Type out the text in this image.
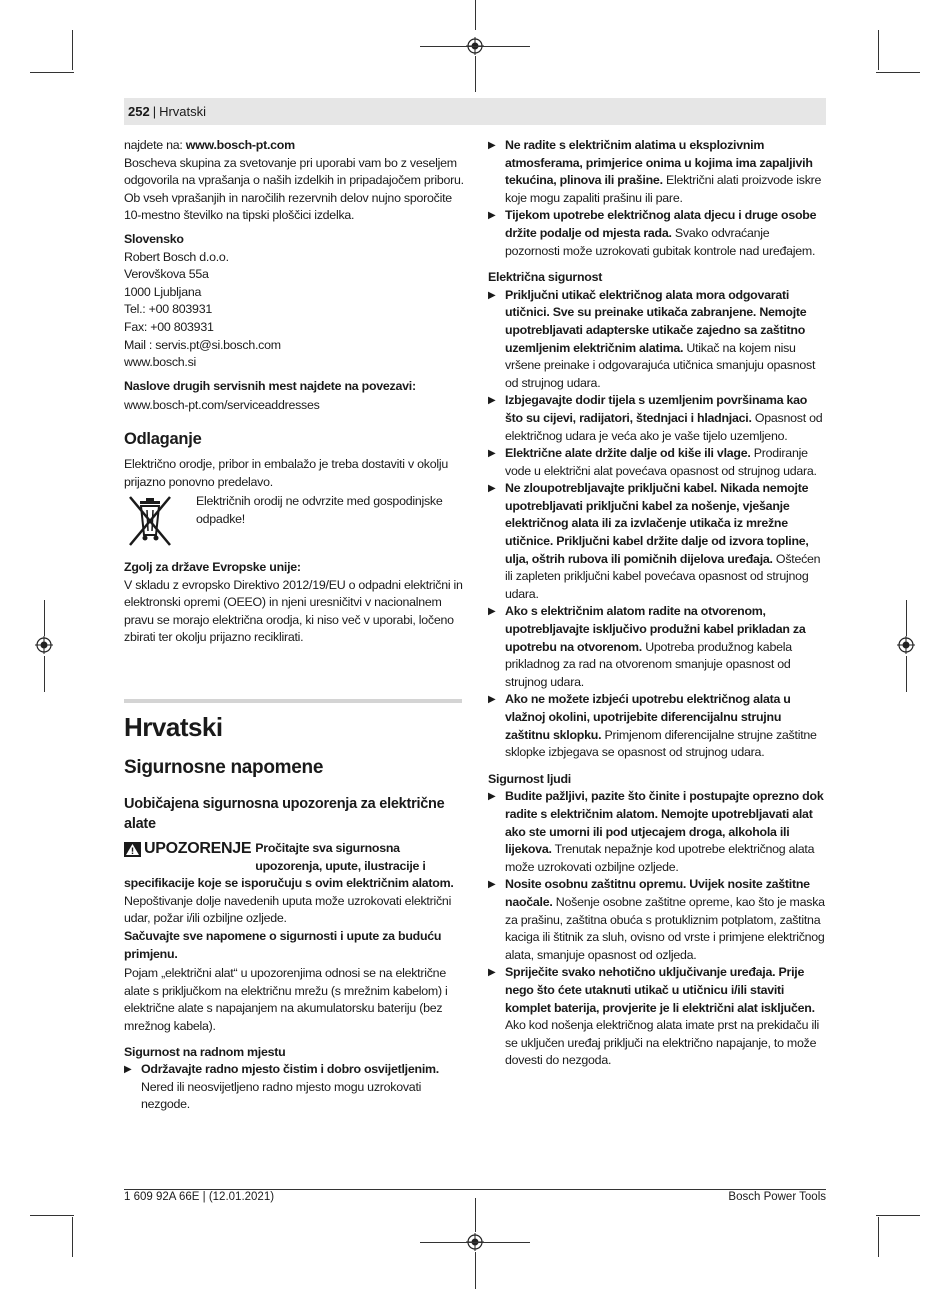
252 | Hrvatski

najdete na: www.bosch-pt.com

Boscheva skupina za svetovanje pri uporabi vam bo z veseljem odgovorila na vprašanja o naših izdelkih in pripadajočem priboru.

Ob vseh vprašanjih in naročilih rezervnih delov nujno sporočite 10-mestno številko na tipski ploščici izdelka.

Slovensko

Robert Bosch d.o.o.
Verovškova 55a
1000 Ljubljana
Tel.: +00 803931
Fax: +00 803931
Mail : servis.pt@si.bosch.com
www.bosch.si

Naslove drugih servisnih mest najdete na povezavi:

www.bosch-pt.com/serviceaddresses

Odlaganje

Električno orodje, pribor in embalažo je treba dostaviti v okolju prijazno ponovno predelavo.

Električnih orodij ne odvrzite med gospodinjske odpadke!

Zgolj za države Evropske unije:

V skladu z evropsko Direktivo 2012/19/EU o odpadni električni in elektronski opremi (OEEO) in njeni uresničitvi v nacionalnem pravu se morajo električna orodja, ki niso več v uporabi, ločeno zbirati ter okolju prijazno reciklirati.

Hrvatski
Sigurnosne napomene
Uobičajena sigurnosna upozorenja za električne alate
UPOZORENJE Pročitajte sva sigurnosna upozorenja, upute, ilustracije i specifikacije koje se isporučuju s ovim električnim alatom. Nepoštivanje dolje navedenih uputa može uzrokovati električni udar, požar i/ili ozbiljne ozljede.

Sačuvajte sve napomene o sigurnosti i upute za buduću primjenu.

Pojam „električni alat“ u upozorenjima odnosi se na električne alate s priključkom na električnu mrežu (s mrežnim kabelom) i električne alate s napajanjem na akumulatorsku bateriju (bez mrežnog kabela).

Sigurnost na radnom mjestu

▶ Održavajte radno mjesto čistim i dobro osvijetljenim. Nered ili neosvijetljeno radno mjesto mogu uzrokovati nezgode.
▶ Ne radite s električnim alatima u eksplozivnim atmosferama, primjerice onima u kojima ima zapaljivih tekućina, plinova ili prašine. Električni alati proizvode iskre koje mogu zapaliti prašinu ili pare.
▶ Tijekom upotrebe električnog alata djecu i druge osobe držite podalje od mjesta rada. Svako odvraćanje pozornosti može uzrokovati gubitak kontrole nad uređajem.

Električna sigurnost

▶ Priključni utikač električnog alata mora odgovarati utičnici. Sve su preinake utikača zabranjene. Nemojte upotrebljavati adapterske utikače zajedno sa zaštitno uzemljenim električnim alatima. Utikač na kojem nisu vršene preinake i odgovarajuća utičnica smanjuju opasnost od strujnog udara.
▶ Izbjegavajte dodir tijela s uzemljenim površinama kao što su cijevi, radijatori, štednjaci i hladnjaci. Opasnost od električnog udara je veća ako je vaše tijelo uzemljeno.
▶ Električne alate držite dalje od kiše ili vlage. Prodiranje vode u električni alat povećava opasnost od strujnog udara.
▶ Ne zloupotrebljavajte priključni kabel. Nikada nemojte upotrebljavati priključni kabel za nošenje, vješanje električnog alata ili za izvlačenje utikača iz mrežne utičnice. Priključni kabel držite dalje od izvora topline, ulja, oštrih rubova ili pomičnih dijelova uređaja. Oštećen ili zapleten priključni kabel povećava opasnost od strujnog udara.
▶ Ako s električnim alatom radite na otvorenom, upotrebljavajte isključivo produžni kabel prikladan za upotrebu na otvorenom. Upotreba produžnog kabela prikladnog za rad na otvorenom smanjuje opasnost od strujnog udara.
▶ Ako ne možete izbjeći upotrebu električnog alata u vlažnoj okolini, upotrijebite diferencijalnu strujnu zaštitnu sklopku. Primjenom diferencijalne strujne zaštitne sklopke izbjegava se opasnost od strujnog udara.

Sigurnost ljudi

▶ Budite pažljivi, pazite što činite i postupajte oprezno dok radite s električnim alatom. Nemojte upotrebljavati alat ako ste umorni ili pod utjecajem droga, alkohola ili lijekova. Trenutak nepažnje kod upotrebe električnog alata može uzrokovati ozbiljne ozljede.
▶ Nosite osobnu zaštitnu opremu. Uvijek nosite zaštitne naočale. Nošenje osobne zaštitne opreme, kao što je maska za prašinu, zaštitna obuća s protukliznim potplatom, zaštitna kaciga ili štitnik za sluh, ovisno od vrste i primjene električnog alata, smanjuje opasnost od ozljeda.
▶ Spriječite svako nehotično uključivanje uređaja. Prije nego što ćete utaknuti utikač u utičnicu i/ili staviti komplet baterija, provjerite je li električni alat isključen. Ako kod nošenja električnog alata imate prst na prekidaču ili se uključen uređaj priključi na električno napajanje, to može dovesti do nezgoda.
1 609 92A 66E | (12.01.2021)	Bosch Power Tools
